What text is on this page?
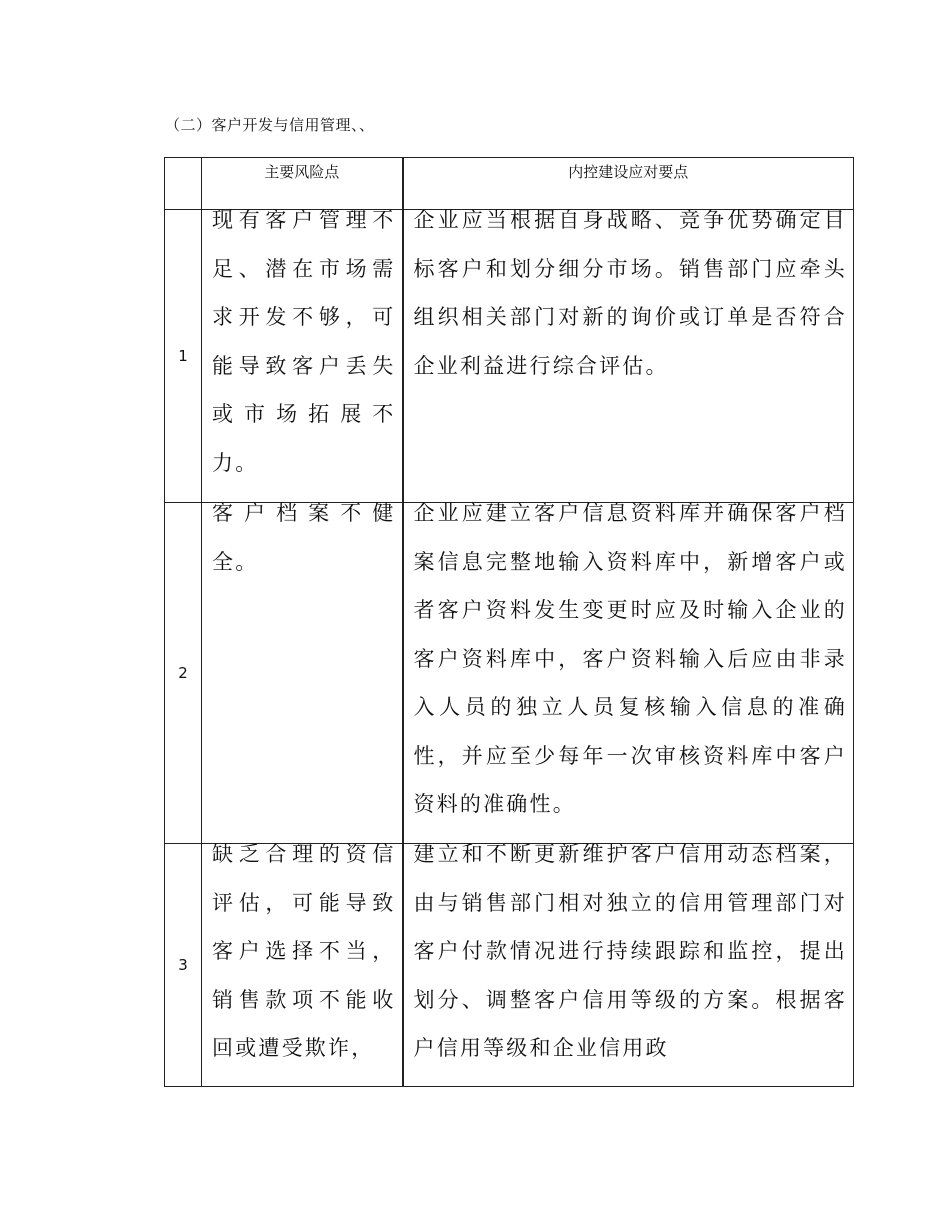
（二）客户开发与信用管理、、
	主要风险点	内控建设应对要点
1	现有客户管理不足、潜在市场需求开发不够，可能导致客户丢失或市场拓展不力。	企业应当根据自身战略、竞争优势确定目标客户和划分细分市场。销售部门应牵头组织相关部门对新的询价或订单是否符合企业利益进行综合评估。

2	客户档案不健全。	企业应建立客户信息资料库并确保客户档案信息完整地输入资料库中，新增客户或者客户资料发生变更时应及时输入企业的客户资料库中，客户资料输入后应由非录入人员的独立人员复核输入信息的准确性，并应至少每年一次审核资料库中客户资料的准确性。

3	缺乏合理的资信评估，可能导致客户选择不当，销售款项不能收回或遭受欺诈，	建立和不断更新维护客户信用动态档案，由与销售部门相对独立的信用管理部门对客户付款情况进行持续跟踪和监控，提出划分、调整客户信用等级的方案。根据客户信用等级和企业信用政
